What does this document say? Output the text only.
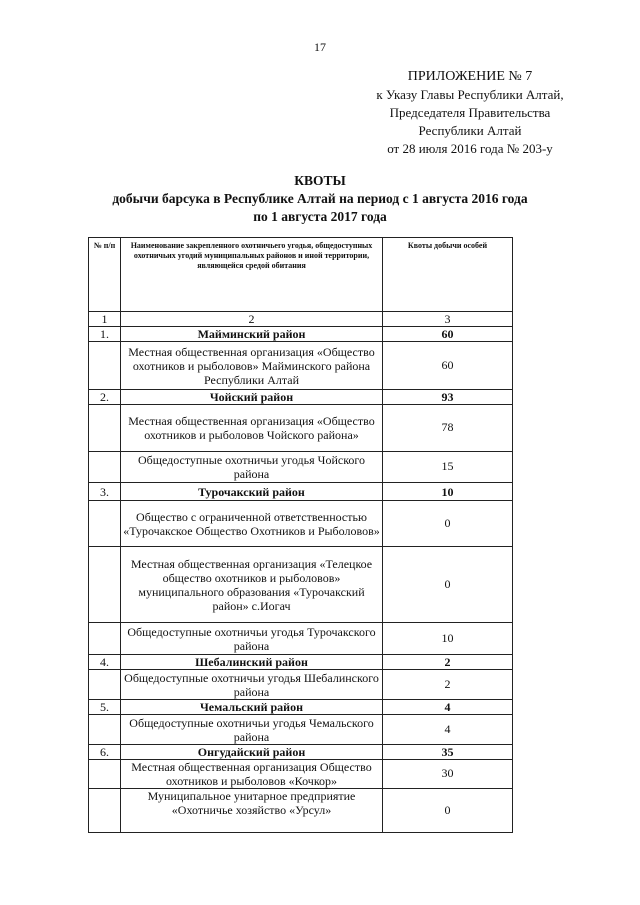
17
ПРИЛОЖЕНИЕ № 7
к Указу Главы Республики Алтай,
Председателя Правительства
Республики Алтай
от 28 июля 2016 года № 203-у
КВОТЫ
добычи барсука в Республике Алтай на период с 1 августа 2016 года
по 1 августа 2017 года
№ п/п	Наименование закрепленного охотничьего угодья, общедоступных охотничьих угодий муниципальных районов и иной территории, являющейся средой обитания	Квоты добычи особей
1	2	3
1.	Майминский район	60
	Местная общественная организация «Общество охотников и рыболовов» Майминского района Республики Алтай	60
2.	Чойский район	93
	Местная общественная организация «Общество охотников и рыболовов Чойского района»	78
	Общедоступные охотничьи угодья Чойского района	15
3.	Турочакский район	10
	Общество с ограниченной ответственностью «Турочакское Общество Охотников и Рыболовов»	0
	Местная общественная организация «Телецкое общество охотников и рыболовов» муниципального образования «Турочакский район» с.Иогач	0
	Общедоступные охотничьи угодья Турочакского района	10
4.	Шебалинский район	2
	Общедоступные охотничьи угодья Шебалинского района	2
5.	Чемальский район	4
	Общедоступные охотничьи угодья Чемальского района	4
6.	Онгудайский район	35
	Местная общественная организация Общество охотников и рыболовов «Кочкор»	30
	Муниципальное унитарное предприятие «Охотничье хозяйство «Урсул»	0
